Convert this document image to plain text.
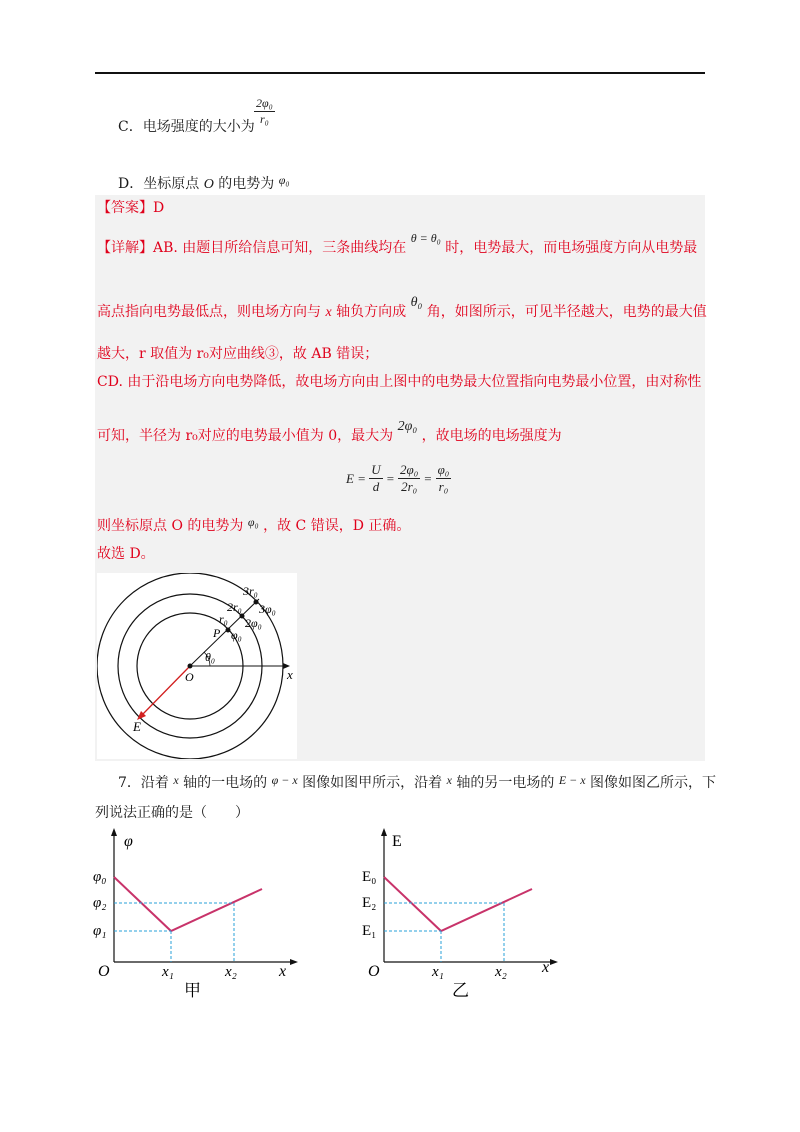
C．电场强度的大小为 $\frac{\text{2φ₀}}{\text{r₀}}$
D．坐标原点 O 的电势为 φ₀
【答案】D
【详解】AB. 由题目所给信息可知，三条曲线均在 θ = θ₀ 时，电势最大，而电场强度方向从电势最
高点指向电势最低点，则电场方向与 x 轴负方向成 θ₀ 角，如图所示，可见半径越大，电势的最大值
越大，r 取值为 r₀对应曲线③，故 AB 错误；
CD. 由于沿电场方向电势降低，故电场方向由上图中的电势最大位置指向电势最小位置，由对称性
可知，半径为 r₀对应的电势最小值为 0，最大为 2φ₀ ，故电场的电场强度为
$E = \frac{U}{d} = \frac{\text{2φ₀}}{\text{2r₀}} = \frac{\text{φ₀}}{\text{r₀}}$
则坐标原点 O 的电势为 φ₀ ，故 C 错误，D 正确。
故选 D。
3r₀
3φ₀
2r₀
2φ₀
r₀
φ₀
P
θ₀
O	x
E
7．沿着 x 轴的一电场的 φ − x 图像如图甲所示，沿着 x 轴的另一电场的 E − x 图像如图乙所示，下
列说法正确的是（　　）
φ
φ₀
φ₂
φ₁
x₁	x₂
O	x
甲
E
E₀
E₂
E₁
x₁	x₂
O	x
乙
